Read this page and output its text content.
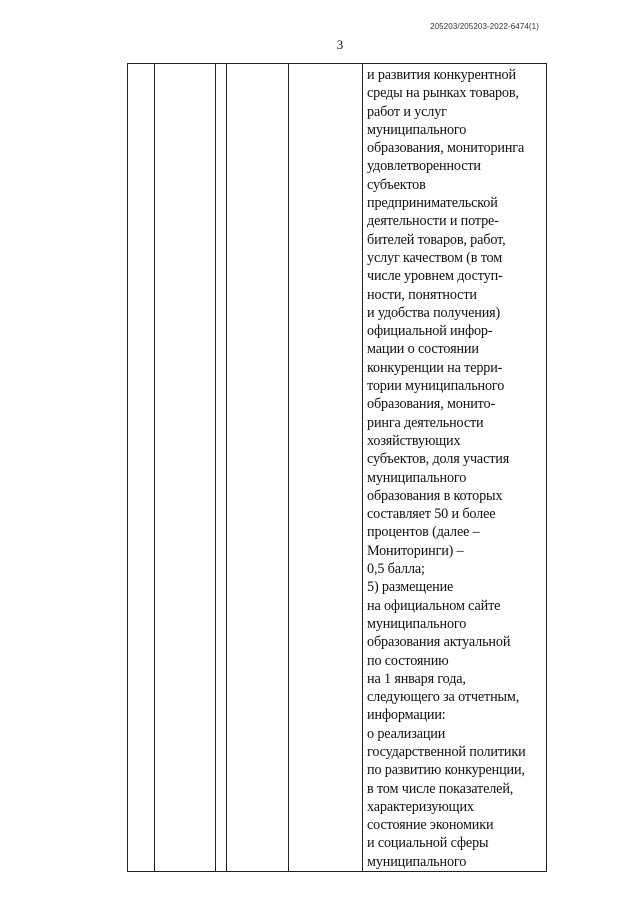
205203/205203-2022-6474(1)
3

и развития конкурентной
среды на рынках товаров,
работ и услуг
муниципального
образования, мониторинга
удовлетворенности
субъектов
предпринимательской
деятельности и потре-
бителей товаров, работ,
услуг качеством (в том
числе уровнем доступ-
ности, понятности
и удобства получения)
официальной инфор-
мации о состоянии
конкуренции на терри-
тории муниципального
образования, монито-
ринга деятельности
хозяйствующих
субъектов, доля участия
муниципального
образования в которых
составляет 50 и более
процентов (далее –
Мониторинги) –
0,5 балла;
5) размещение
на официальном сайте
муниципального
образования актуальной
по состоянию
на 1 января года,
следующего за отчетным,
информации:
о реализации
государственной политики
по развитию конкуренции,
в том числе показателей,
характеризующих
состояние экономики
и социальной сферы
муниципального
